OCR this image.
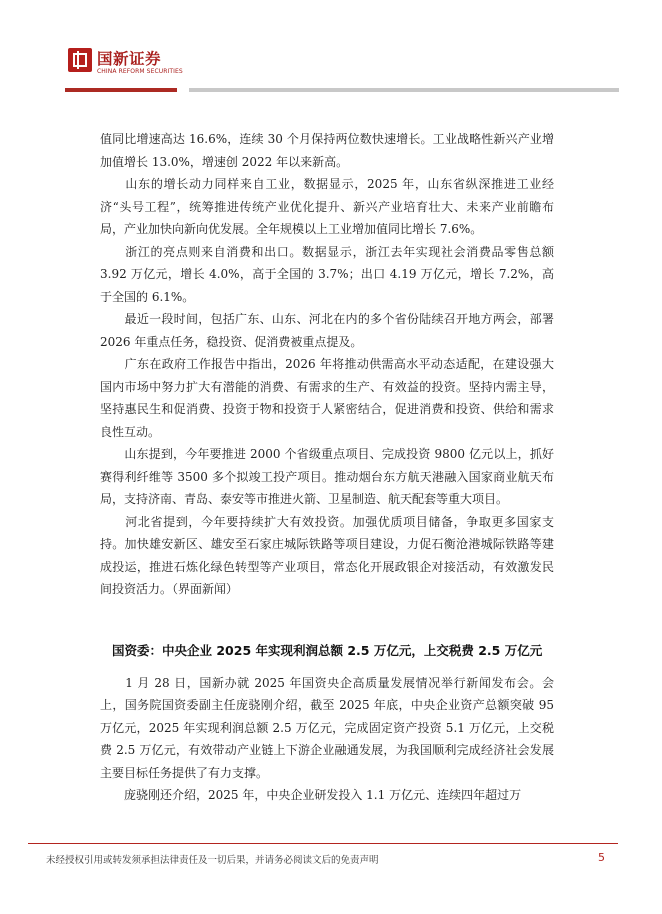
国新证券
CHINA REFORM SECURITIES

值同比增速高达 16.6%，连续 30 个月保持两位数快速增长。工业战略性新兴产业增加值增长 13.0%，增速创 2022 年以来新高。

　　山东的增长动力同样来自工业，数据显示，2025 年，山东省纵深推进工业经济“头号工程”，统筹推进传统产业优化提升、新兴产业培育壮大、未来产业前瞻布局，产业加快向新向优发展。全年规模以上工业增加值同比增长 7.6%。

　　浙江的亮点则来自消费和出口。数据显示，浙江去年实现社会消费品零售总额 3.92 万亿元，增长 4.0%，高于全国的 3.7%；出口 4.19 万亿元，增长 7.2%，高于全国的 6.1%。

　　最近一段时间，包括广东、山东、河北在内的多个省份陆续召开地方两会，部署 2026 年重点任务，稳投资、促消费被重点提及。

　　广东在政府工作报告中指出，2026 年将推动供需高水平动态适配，在建设强大国内市场中努力扩大有潜能的消费、有需求的生产、有效益的投资。坚持内需主导，坚持惠民生和促消费、投资于物和投资于人紧密结合，促进消费和投资、供给和需求良性互动。

　　山东提到，今年要推进 2000 个省级重点项目、完成投资 9800 亿元以上，抓好赛得利纤维等 3500 多个拟竣工投产项目。推动烟台东方航天港融入国家商业航天布局，支持济南、青岛、泰安等市推进火箭、卫星制造、航天配套等重大项目。

　　河北省提到，今年要持续扩大有效投资。加强优质项目储备，争取更多国家支持。加快雄安新区、雄安至石家庄城际铁路等项目建设，力促石衡沧港城际铁路等建成投运，推进石炼化绿色转型等产业项目，常态化开展政银企对接活动，有效激发民间投资活力。（界面新闻）

国资委：中央企业 2025 年实现利润总额 2.5 万亿元，上交税费 2.5 万亿元

　　1 月 28 日，国新办就 2025 年国资央企高质量发展情况举行新闻发布会。会上，国务院国资委副主任庞骁刚介绍，截至 2025 年底，中央企业资产总额突破 95 万亿元，2025 年实现利润总额 2.5 万亿元，完成固定资产投资 5.1 万亿元，上交税费 2.5 万亿元，有效带动产业链上下游企业融通发展，为我国顺利完成经济社会发展主要目标任务提供了有力支撑。

　　庞骁刚还介绍，2025 年，中央企业研发投入 1.1 万亿元、连续四年超过万

未经授权引用或转发须承担法律责任及一切后果，并请务必阅读文后的免责声明	5
